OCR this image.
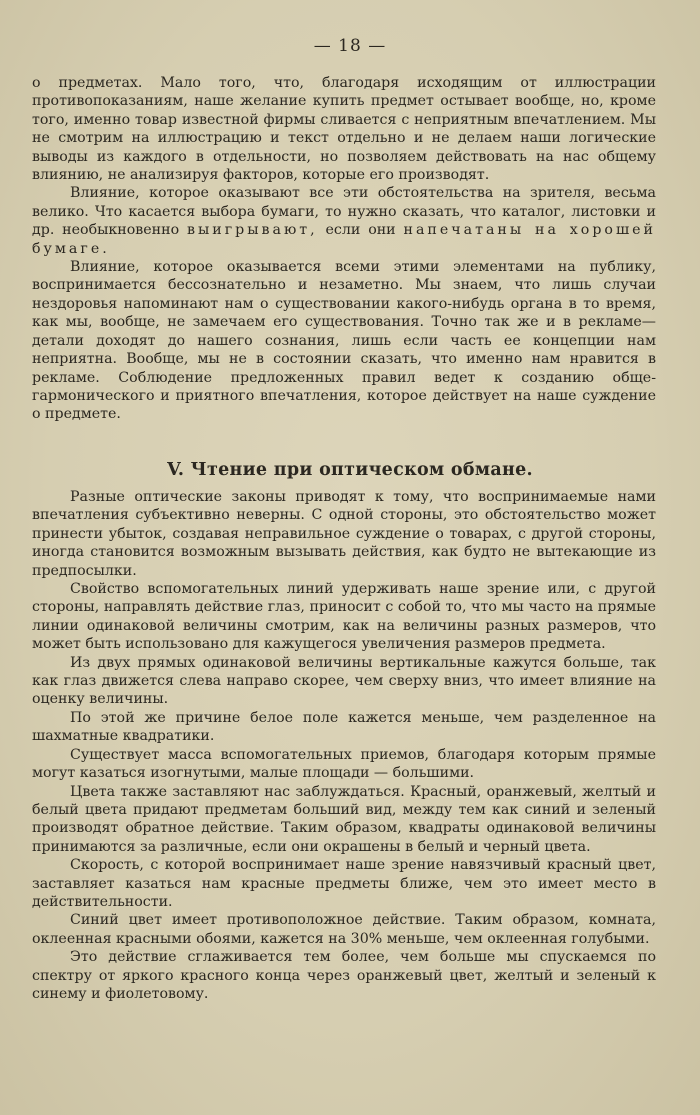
— 18 —

о предметах. Мало того, что, благодаря исходящим от иллюстрации противопоказаниям, наше желание купить предмет остывает вообще, но, кроме того, именно товар известной фирмы сливается с неприятным впечатлением. Мы не смотрим на иллюстрацию и текст отдельно и не делаем наши логические выводы из каждого в отдельности, но позволяем действовать на нас общему влиянию, не анализируя факторов, которые его производят.

Влияние, которое оказывают все эти обстоятельства на зрителя, весьма велико. Что касается выбора бумаги, то нужно сказать, что каталог, листовки и др. необыкновенно выигрывают, если они напечатаны на хорошей бумаге.

Влияние, которое оказывается всеми этими элементами на публику, воспринимается бессознательно и незаметно. Мы знаем, что лишь случаи нездоровья напоминают нам о существовании какого-нибудь органа в то время, как мы, вообще, не замечаем его существования. Точно так же и в рекламе—детали доходят до нашего сознания, лишь если часть ее концепции нам неприятна. Вообще, мы не в состоянии сказать, что именно нам нравится в рекламе. Соблюдение предложенных правил ведет к созданию обще-гармонического и приятного впечатления, которое действует на наше суждение о предмете.

V. Чтение при оптическом обмане.

Разные оптические законы приводят к тому, что воспринимаемые нами впечатления субъективно неверны. С одной стороны, это обстоятельство может принести убыток, создавая неправильное суждение о товарах, с другой стороны, иногда становится возможным вызывать действия, как будто не вытекающие из предпосылки.

Свойство вспомогательных линий удерживать наше зрение или, с другой стороны, направлять действие глаз, приносит с собой то, что мы часто на прямые линии одинаковой величины смотрим, как на величины разных размеров, что может быть использовано для кажущегося увеличения размеров предмета.

Из двух прямых одинаковой величины вертикальные кажутся больше, так как глаз движется слева направо скорее, чем сверху вниз, что имеет влияние на оценку величины.

По этой же причине белое поле кажется меньше, чем разделенное на шахматные квадратики.

Существует масса вспомогательных приемов, благодаря которым прямые могут казаться изогнутыми, малые площади — большими.

Цвета также заставляют нас заблуждаться. Красный, оранжевый, желтый и белый цвета придают предметам больший вид, между тем как синий и зеленый производят обратное действие. Таким образом, квадраты одинаковой величины принимаются за различные, если они окрашены в белый и черный цвета.

Скорость, с которой воспринимает наше зрение навязчивый красный цвет, заставляет казаться нам красные предметы ближе, чем это имеет место в действительности.

Синий цвет имеет противоположное действие. Таким образом, комната, оклеенная красными обоями, кажется на 30% меньше, чем оклеенная голубыми.

Это действие сглаживается тем более, чем больше мы спускаемся по спектру от яркого красного конца через оранжевый цвет, желтый и зеленый к синему и фиолетовому.
